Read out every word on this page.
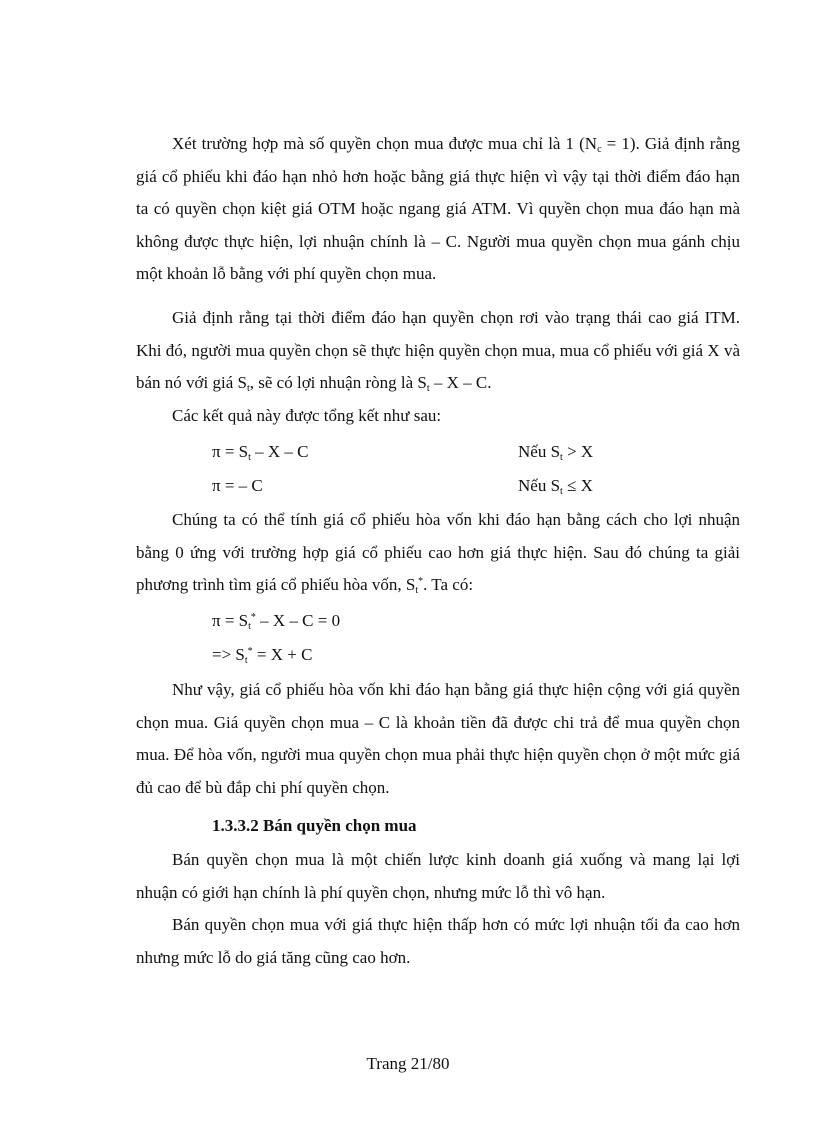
Xét trường hợp mà số quyền chọn mua được mua chỉ là 1 $(N_c = 1)$. Giả định rằng giá cổ phiếu khi đáo hạn nhỏ hơn hoặc bằng giá thực hiện vì vậy tại thời điểm đáo hạn ta có quyền chọn kiệt giá OTM hoặc ngang giá ATM. Vì quyền chọn mua đáo hạn mà không được thực hiện, lợi nhuận chính là – C. Người mua quyền chọn mua gánh chịu một khoản lỗ bằng với phí quyền chọn mua.

Giả định rằng tại thời điểm đáo hạn quyền chọn rơi vào trạng thái cao giá ITM. Khi đó, người mua quyền chọn sẽ thực hiện quyền chọn mua, mua cổ phiếu với giá X và bán nó với giá $S_t$, sẽ có lợi nhuận ròng là $S_t$ – X – C.

Các kết quả này được tổng kết như sau:

$\pi = S_t - X - C$	Nếu $S_t > X$
π = – C	Nếu $S_t \le X$

Chúng ta có thể tính giá cổ phiếu hòa vốn khi đáo hạn bằng cách cho lợi nhuận bằng 0 ứng với trường hợp giá cổ phiếu cao hơn giá thực hiện. Sau đó chúng ta giải phương trình tìm giá cổ phiếu hòa vốn, $S_t^*$. Ta có:

$\pi = S_t^* - X - C = 0$
=> $S_t^* = X + C$

Như vậy, giá cổ phiếu hòa vốn khi đáo hạn bằng giá thực hiện cộng với giá quyền chọn mua. Giá quyền chọn mua – C là khoản tiền đã được chi trả để mua quyền chọn mua. Để hòa vốn, người mua quyền chọn mua phải thực hiện quyền chọn ở một mức giá đủ cao để bù đắp chi phí quyền chọn.

1.3.3.2 Bán quyền chọn mua

Bán quyền chọn mua là một chiến lược kinh doanh giá xuống và mang lại lợi nhuận có giới hạn chính là phí quyền chọn, nhưng mức lỗ thì vô hạn.

Bán quyền chọn mua với giá thực hiện thấp hơn có mức lợi nhuận tối đa cao hơn nhưng mức lỗ do giá tăng cũng cao hơn.

Trang 21/80
